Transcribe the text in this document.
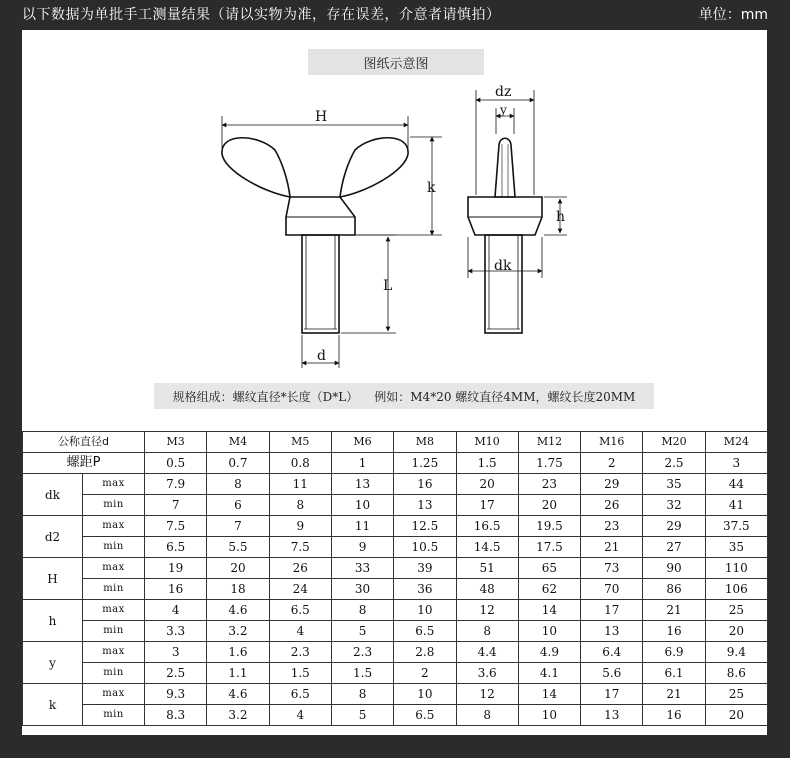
以下数据为单批手工测量结果（请以实物为准，存在误差，介意者请慎拍）	单位：mm
图纸示意图
H
k
L
d
dz
y
h
dk
规格组成：螺纹直径*长度（D*L） 例如：M4*20 螺纹直径4MM，螺纹长度20MM
公称直径d		M3	M4	M5	M6	M8	M10	M12	M16	M20	M24
螺距P		0.5	0.7	0.8	1	1.25	1.5	1.75	2	2.5	3
dk	max	7.9	8	11	13	16	20	23	29	35	44
	min	7	6	8	10	13	17	20	26	32	41
d2	max	7.5	7	9	11	12.5	16.5	19.5	23	29	37.5
	min	6.5	5.5	7.5	9	10.5	14.5	17.5	21	27	35
H	max	19	20	26	33	39	51	65	73	90	110
	min	16	18	24	30	36	48	62	70	86	106
h	max	4	4.6	6.5	8	10	12	14	17	21	25
	min	3.3	3.2	4	5	6.5	8	10	13	16	20
y	max	3	1.6	2.3	2.3	2.8	4.4	4.9	6.4	6.9	9.4
	min	2.5	1.1	1.5	1.5	2	3.6	4.1	5.6	6.1	8.6
k	max	9.3	4.6	6.5	8	10	12	14	17	21	25
	min	8.3	3.2	4	5	6.5	8	10	13	16	20
